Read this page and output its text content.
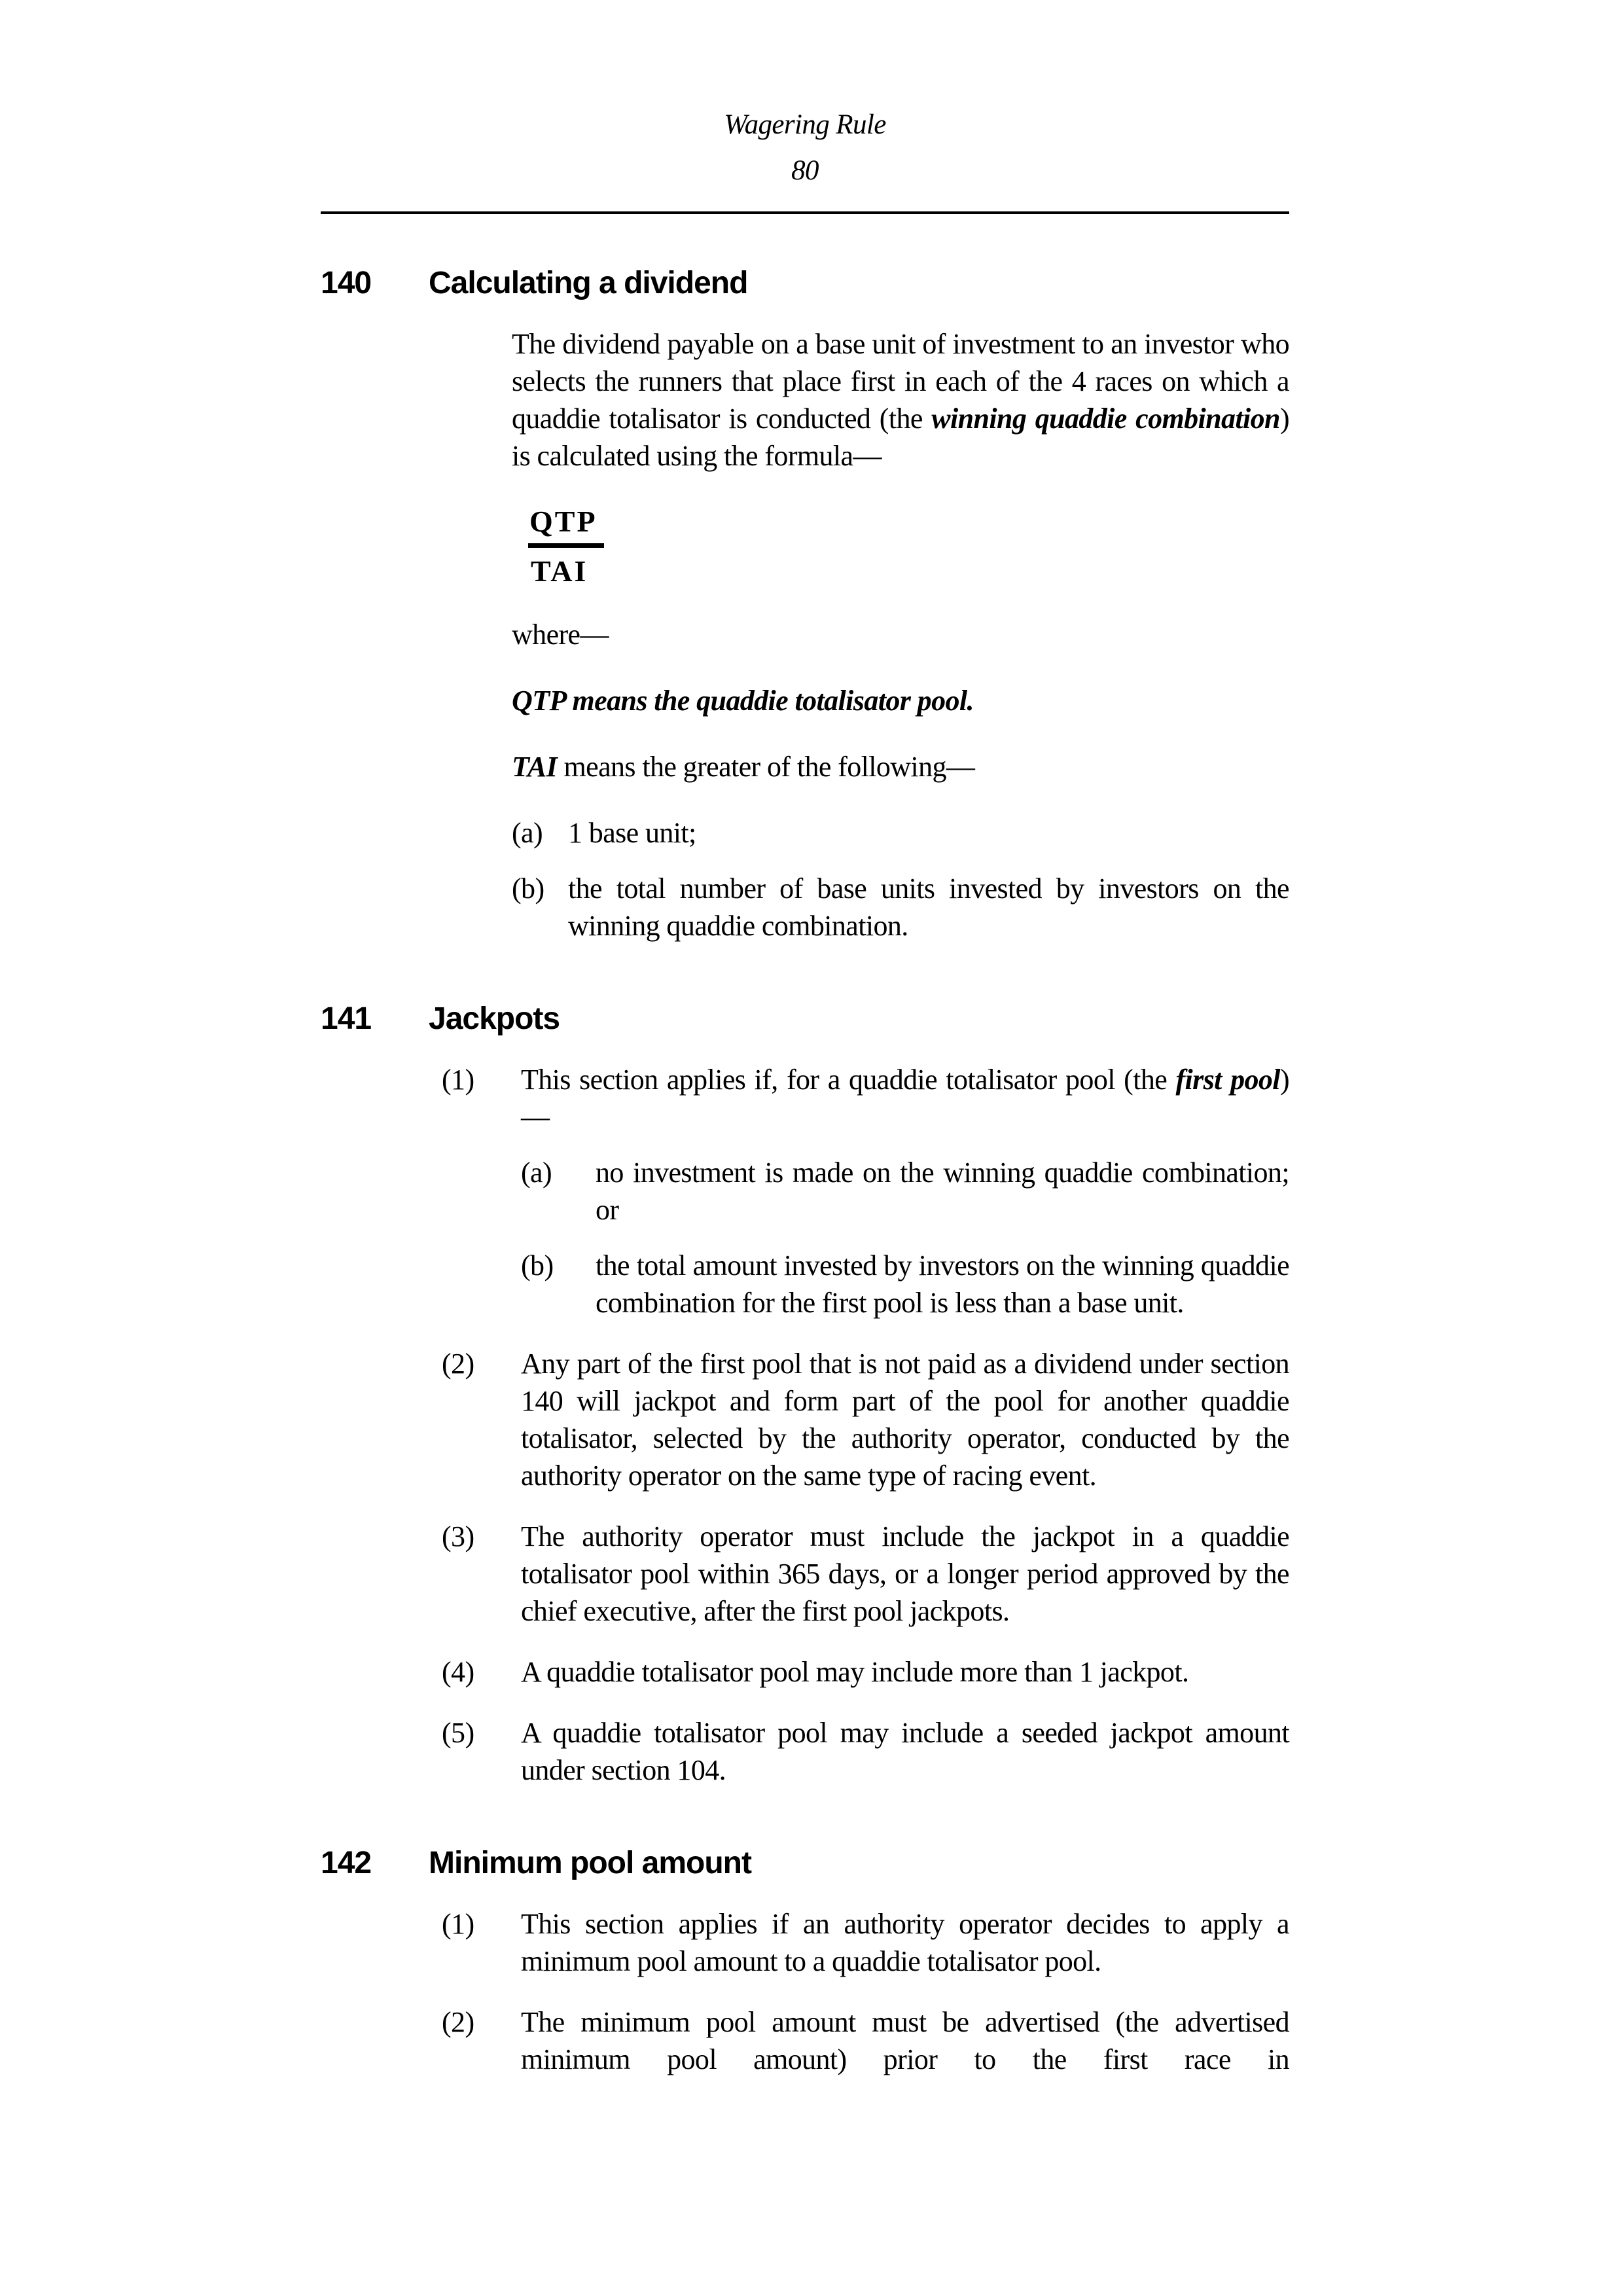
Wagering Rule
80
140	Calculating a dividend

The dividend payable on a base unit of investment to an investor who selects the runners that place first in each of the 4 races on which a quaddie totalisator is conducted (the winning quaddie combination) is calculated using the formula—

QTP
TAI

where—

QTP means the quaddie totalisator pool.

TAI means the greater of the following—

(a) 1 base unit;
(b) the total number of base units invested by investors on the winning quaddie combination.
141	Jackpots
(1)	This section applies if, for a quaddie totalisator pool (the first pool)—
(a)	no investment is made on the winning quaddie combination; or
(b)	the total amount invested by investors on the winning quaddie combination for the first pool is less than a base unit.
(2)	Any part of the first pool that is not paid as a dividend under section 140 will jackpot and form part of the pool for another quaddie totalisator, selected by the authority operator, conducted by the authority operator on the same type of racing event.
(3)	The authority operator must include the jackpot in a quaddie totalisator pool within 365 days, or a longer period approved by the chief executive, after the first pool jackpots.
(4)	A quaddie totalisator pool may include more than 1 jackpot.
(5)	A quaddie totalisator pool may include a seeded jackpot amount under section 104.
142	Minimum pool amount
(1)	This section applies if an authority operator decides to apply a minimum pool amount to a quaddie totalisator pool.
(2)	The minimum pool amount must be advertised (the advertised minimum pool amount) prior to the first race in
